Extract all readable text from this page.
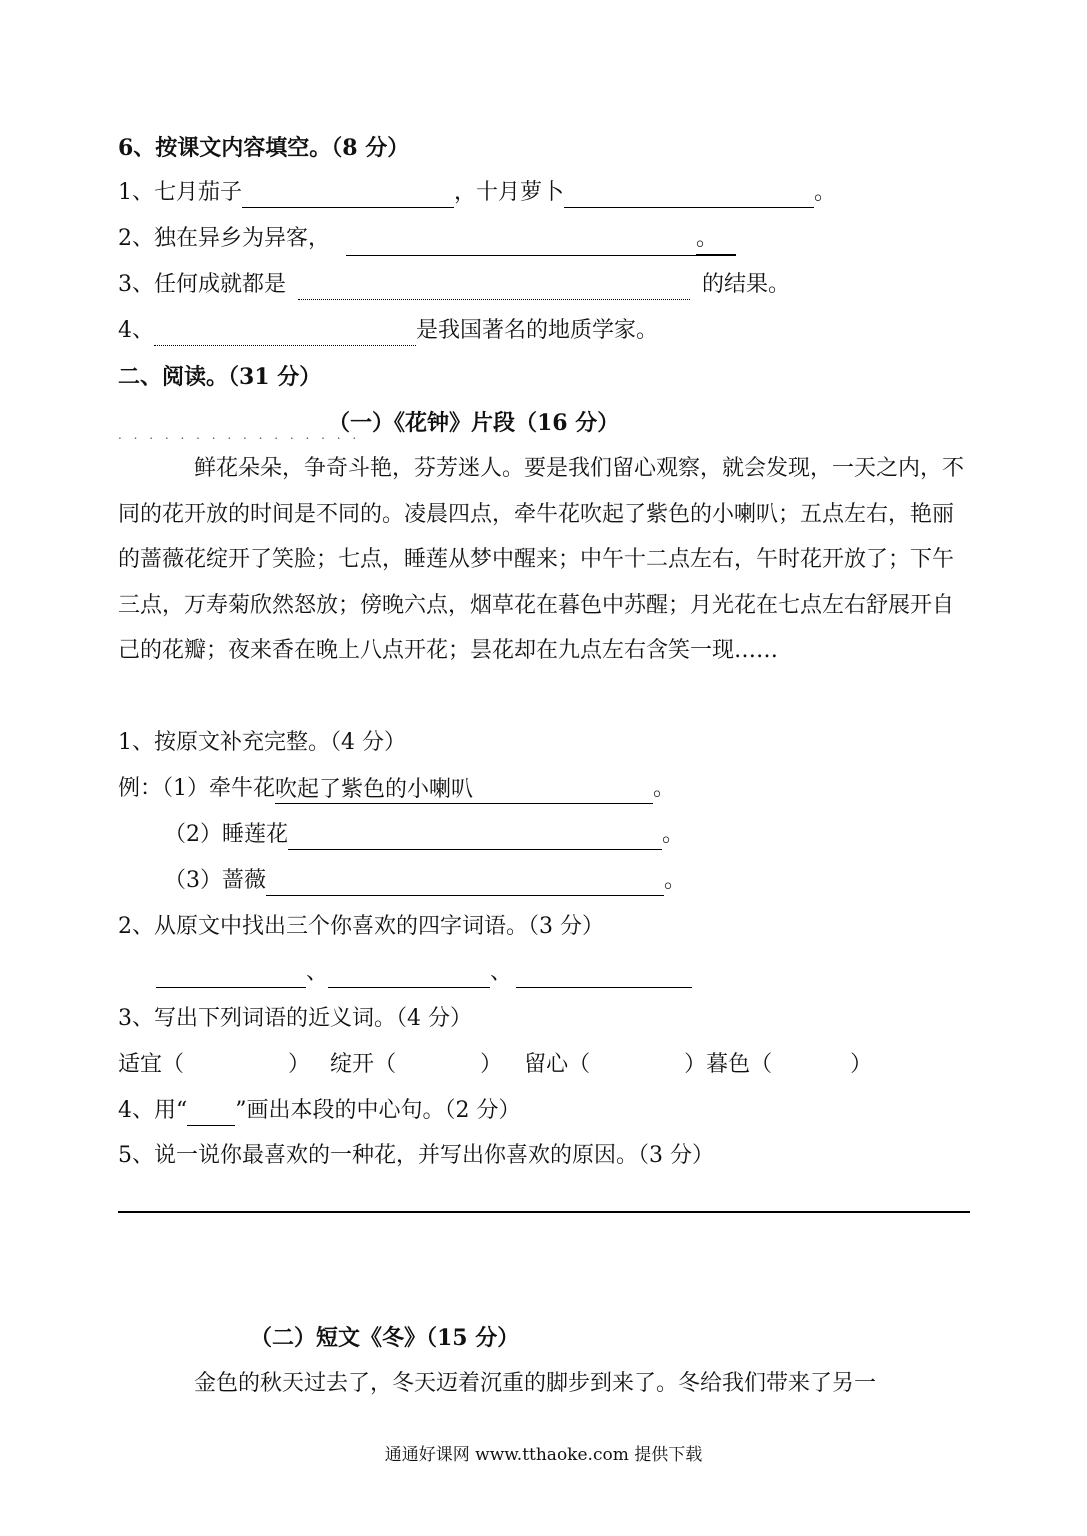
6、按课文内容填空。（8 分）
1、七月茄子	，十月萝卜	。
2、独在异乡为异客，	。
3、任何成就都是	的结果。
4、	是我国著名的地质学家。
二、阅读。（31 分）
. . . . . . . . . . . . . . . .
（一）《花钟》片段（16 分）
鲜花朵朵，争奇斗艳，芬芳迷人。要是我们留心观察，就会发现，一天之内，不同的花开放的时间是不同的。凌晨四点，牵牛花吹起了紫色的小喇叭；五点左右，艳丽的蔷薇花绽开了笑脸；七点，睡莲从梦中醒来；中午十二点左右，午时花开放了；下午三点，万寿菊欣然怒放；傍晚六点，烟草花在暮色中苏醒；月光花在七点左右舒展开自己的花瓣；夜来香在晚上八点开花；昙花却在九点左右含笑一现……
1、按原文补充完整。（4 分）
例：（1）牵牛花吹起了紫色的小喇叭	。
（2）睡莲花	。
（3）蔷薇	。
2、从原文中找出三个你喜欢的四字词语。（3 分）
、	、
3、写出下列词语的近义词。（4 分）
适宜（	） 绽开（	） 留心（	）暮色（	）
4、用“ ”画出本段的中心句。（2 分）
5、说一说你最喜欢的一种花，并写出你喜欢的原因。（3 分）
（二）短文《冬》（15 分）
金色的秋天过去了，冬天迈着沉重的脚步到来了。冬给我们带来了另一
通通好课网 www.tthaoke.com 提供下载
